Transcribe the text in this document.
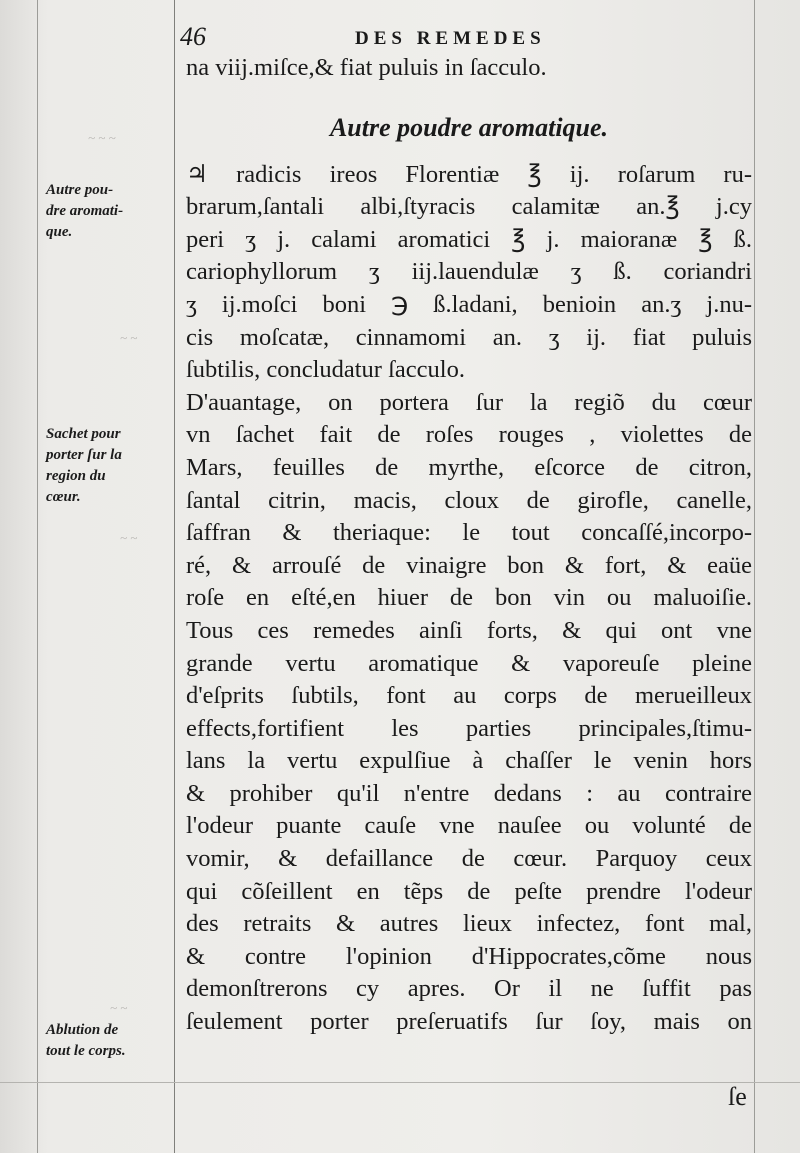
~ ~ ~
~ ~
~ ~
~ ~
46	DES REMEDES
na viij.miſce,& fiat puluis in ſacculo.
Autre poudre aromatique.
♃ radicis ireos Florentiæ ℥ ij. roſarum ru-
brarum,ſantali albi,ſtyracis calamitæ an.℥ j.cy
peri ʒ j. calami aromatici ℥ j. maioranæ ℥ ß.
cariophyllorum ʒ iij.lauendulæ ʒ ß. coriandri
ʒ ij.moſci boni ℈ ß.ladani, benioin an.ʒ j.nu-
cis moſcatæ, cinnamomi an. ʒ ij. fiat puluis
ſubtilis, concludatur ſacculo.
D'auantage, on portera ſur la regiõ du cœur
vn ſachet fait de roſes rouges , violettes de
Mars, feuilles de myrthe, eſcorce de citron,
ſantal citrin, macis, cloux de girofle, canelle,
ſaffran & theriaque: le tout concaſſé,incorpo-
ré, & arrouſé de vinaigre bon & fort, & eaüe
roſe en eſté,en hiuer de bon vin ou maluoiſie.
Tous ces remedes ainſi forts, & qui ont vne
grande vertu aromatique & vaporeuſe pleine
d'eſprits ſubtils, font au corps de merueilleux
effects,fortifient les parties principales,ſtimu-
lans la vertu expulſiue à chaſſer le venin hors
& prohiber qu'il n'entre dedans : au contraire
l'odeur puante cauſe vne nauſee ou volunté de
vomir, & defaillance de cœur. Parquoy ceux
qui cõſeillent en tẽps de peſte prendre l'odeur
des retraits & autres lieux infectez, font mal,
& contre l'opinion d'Hippocrates,cõme nous
demonſtrerons cy apres. Or il ne ſuffit pas
ſeulement porter preſeruatifs ſur ſoy, mais on
ſe
Autre pou-
dre aromati-
que.
Sachet pour
porter ſur la
region du
cœur.
Ablution de
tout le corps.
